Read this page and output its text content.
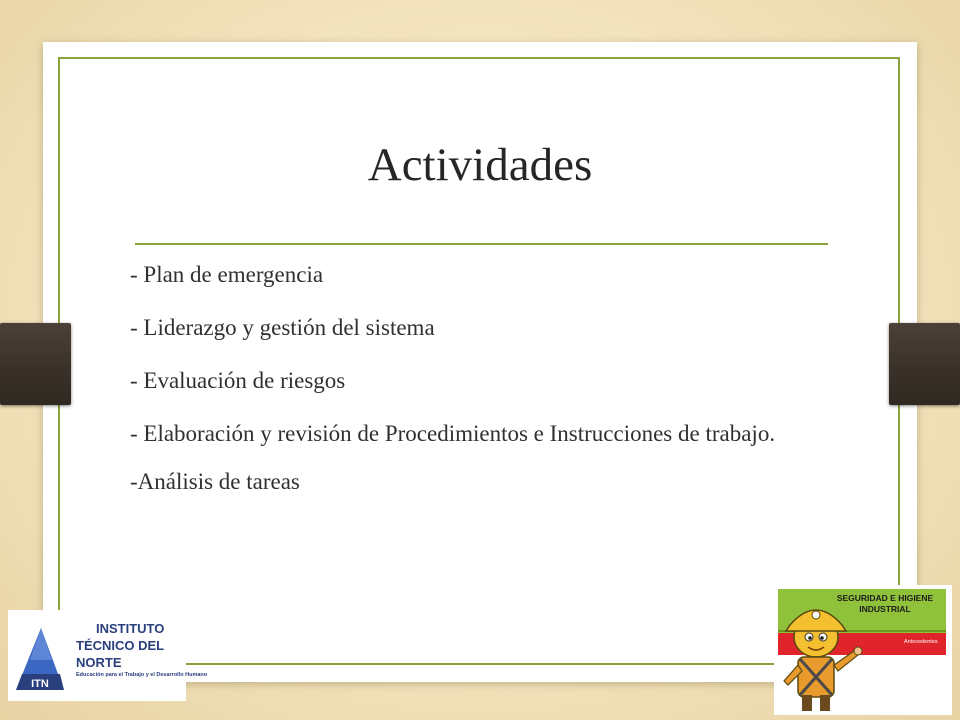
Actividades
- Plan de emergencia
- Liderazgo y gestión del sistema
- Evaluación de riesgos
- Elaboración y revisión de Procedimientos e Instrucciones de trabajo.
-Análisis de tareas
ITN
INSTITUTO
TÉCNICO DEL NORTE
Educación para el Trabajo y el Desarrollo Humano
SEGURIDAD E HIGIENE
INDUSTRIAL
Antecedentes
